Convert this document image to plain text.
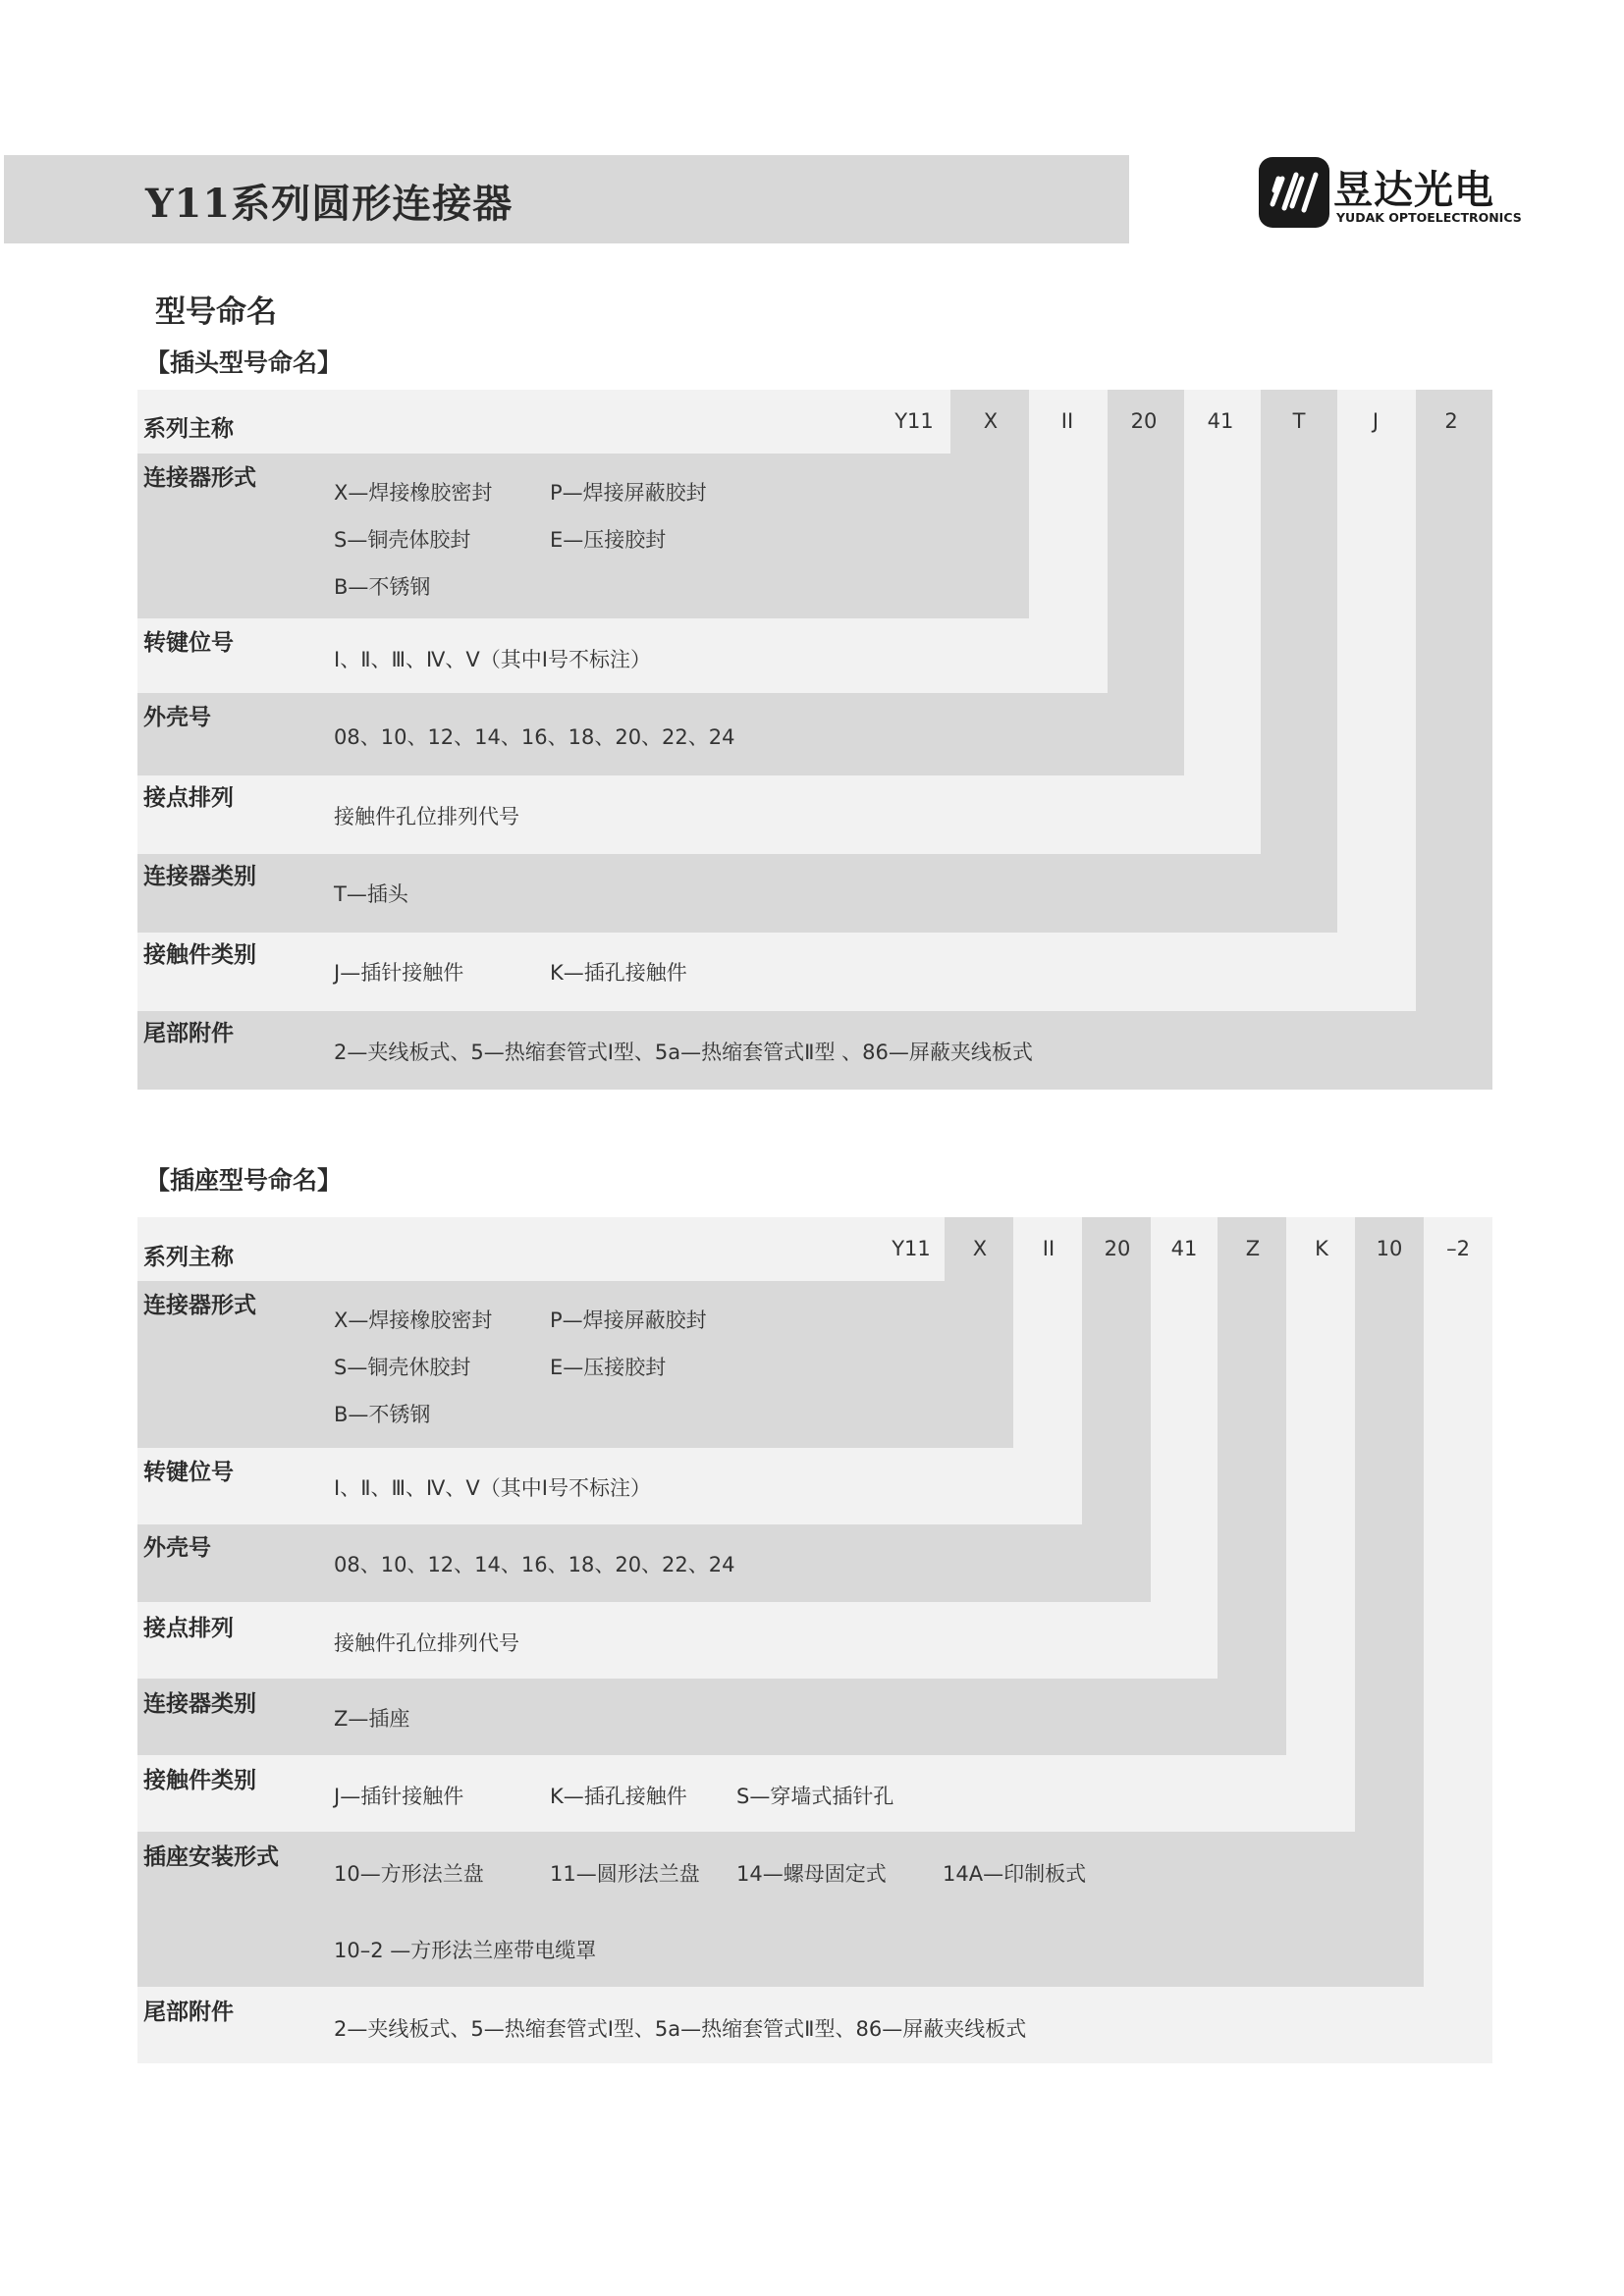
Y11系列圆形连接器	昱达光电
YUDAK OPTOELECTRONICS
型号命名
【插头型号命名】
Y11	X	II	20	41	T	J	2
系列主称
连接器形式
X—焊接橡胶密封	P—焊接屏蔽胶封
S—铜壳体胶封	E—压接胶封
B—不锈钢
转键位号
Ⅰ、Ⅱ、Ⅲ、Ⅳ、Ⅴ（其中Ⅰ号不标注）
外壳号
08、10、12、14、16、18、20、22、24
接点排列
接触件孔位排列代号
连接器类别
T—插头
接触件类别
J—插针接触件	K—插孔接触件
尾部附件
2—夹线板式、5—热缩套管式Ⅰ型、5a—热缩套管式Ⅱ型 、86—屏蔽夹线板式
【插座型号命名】
Y11	X	II	20	41	Z	K	10	–2
系列主称
连接器形式
X—焊接橡胶密封	P—焊接屏蔽胶封
S—铜壳休胶封	E—压接胶封
B—不锈钢
转键位号
Ⅰ、Ⅱ、Ⅲ、Ⅳ、Ⅴ（其中Ⅰ号不标注）
外壳号
08、10、12、14、16、18、20、22、24
接点排列
接触件孔位排列代号
连接器类别
Z—插座
接触件类别
J—插针接触件	K—插孔接触件 S—穿墙式插针孔
插座安装形式
10—方形法兰盘	11—圆形法兰盘 14—螺母固定式	14A—印制板式
10–2 —方形法兰座带电缆罩
尾部附件
2—夹线板式、5—热缩套管式Ⅰ型、5a—热缩套管式Ⅱ型、86—屏蔽夹线板式
